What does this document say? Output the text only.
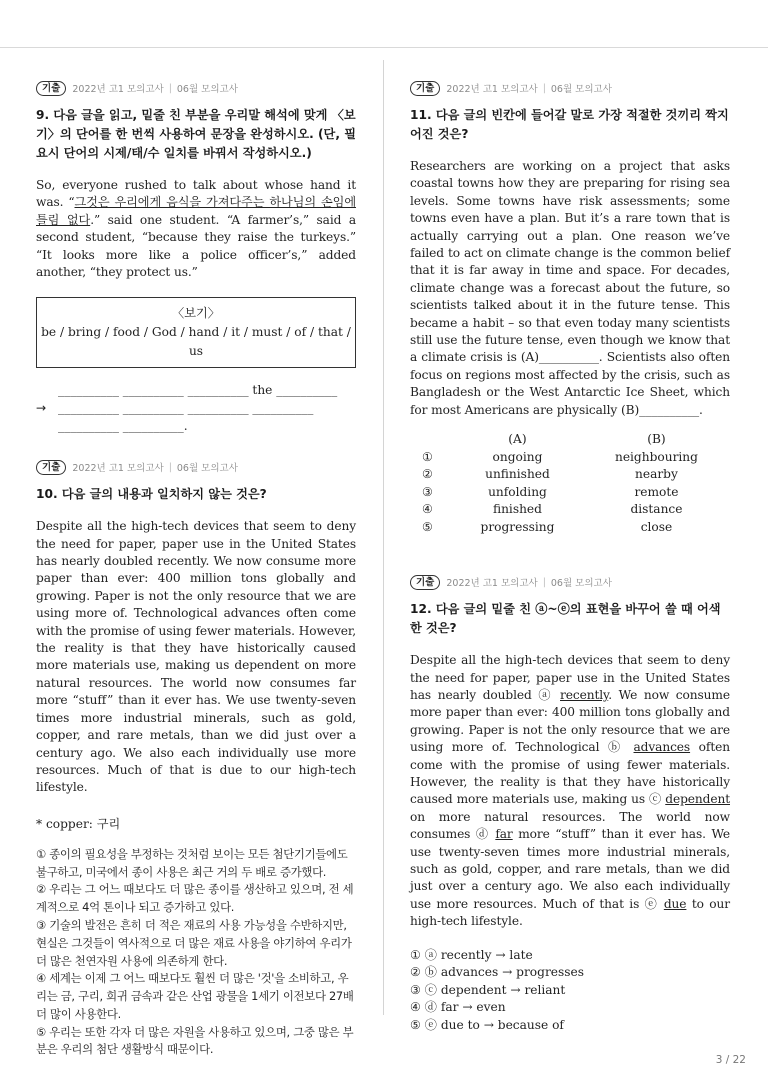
기출	2022년 고1 모의고사 | 06월 모의고사
9. 다음 글을 읽고, 밑줄 친 부분을 우리말 해석에 맞게 〈보기〉의 단어를 한 번씩 사용하여 문장을 완성하시오. (단, 필요시 단어의 시제/태/수 일치를 바꿔서 작성하시오.)
So, everyone rushed to talk about whose hand it was. “그것은 우리에게 음식을 가져다주는 하나님의 손임에 틀림 없다.” said one student. “A farmer’s,” said a second student, “because they raise the turkeys.” “It looks more like a police officer’s,” added another, “they protect us.”
〈보기〉
be / bring / food / God / hand / it / must / of / that / us
→
__________ __________ __________ the __________
__________ __________ __________ __________
__________ __________.
기출	2022년 고1 모의고사 | 06월 모의고사
10. 다음 글의 내용과 일치하지 않는 것은?
Despite all the high-tech devices that seem to deny the need for paper, paper use in the United States has nearly doubled recently. We now consume more paper than ever: 400 million tons globally and growing. Paper is not the only resource that we are using more of. Technological advances often come with the promise of using fewer materials. However, the reality is that they have historically caused more materials use, making us dependent on more natural resources. The world now consumes far more “stuff” than it ever has. We use twenty-seven times more industrial minerals, such as gold, copper, and rare metals, than we did just over a century ago. We also each individually use more resources. Much of that is due to our high-tech lifestyle.
* copper: 구리
① 종이의 필요성을 부정하는 것처럼 보이는 모든 첨단기기들에도 불구하고, 미국에서 종이 사용은 최근 거의 두 배로 증가했다.
② 우리는 그 어느 때보다도 더 많은 종이를 생산하고 있으며, 전 세계적으로 4억 톤이나 되고 증가하고 있다.
③ 기술의 발전은 흔히 더 적은 재료의 사용 가능성을 수반하지만, 현실은 그것들이 역사적으로 더 많은 재료 사용을 야기하여 우리가 더 많은 천연자원 사용에 의존하게 한다.
④ 세계는 이제 그 어느 때보다도 훨씬 더 많은 '것'을 소비하고, 우리는 금, 구리, 희귀 금속과 같은 산업 광물을 1세기 이전보다 27배 더 많이 사용한다.
⑤ 우리는 또한 각자 더 많은 자원을 사용하고 있으며, 그중 많은 부분은 우리의 첨단 생활방식 때문이다.
기출	2022년 고1 모의고사 | 06월 모의고사
11. 다음 글의 빈칸에 들어갈 말로 가장 적절한 것끼리 짝지어진 것은?
Researchers are working on a project that asks coastal towns how they are preparing for rising sea levels. Some towns have risk assessments; some towns even have a plan. But it’s a rare town that is actually carrying out a plan. One reason we’ve failed to act on climate change is the common belief that it is far away in time and space. For decades, climate change was a forecast about the future, so scientists talked about it in the future tense. This became a habit – so that even today many scientists still use the future tense, even though we know that a climate crisis is (A)__________. Scientists also often focus on regions most affected by the crisis, such as Bangladesh or the West Antarctic Ice Sheet, which for most Americans are physically (B)__________.
	(A)	(B)
①	ongoing	neighbouring
②	unfinished	nearby
③	unfolding	remote
④	finished	distance
⑤	progressing	close
기출	2022년 고1 모의고사 | 06월 모의고사
12. 다음 글의 밑줄 친 ⓐ~ⓔ의 표현을 바꾸어 쓸 때 어색한 것은?
Despite all the high-tech devices that seem to deny the need for paper, paper use in the United States has nearly doubled ⓐ recently. We now consume more paper than ever: 400 million tons globally and growing. Paper is not the only resource that we are using more of. Technological ⓑ advances often come with the promise of using fewer materials. However, the reality is that they have historically caused more materials use, making us ⓒ dependent on more natural resources. The world now consumes ⓓ far more “stuff” than it ever has. We use twenty-seven times more industrial minerals, such as gold, copper, and rare metals, than we did just over a century ago. We also each individually use more resources. Much of that is ⓔ due to our high-tech lifestyle.
① ⓐ recently → late
② ⓑ advances → progresses
③ ⓒ dependent → reliant
④ ⓓ far → even
⑤ ⓔ due to → because of
3 / 22
